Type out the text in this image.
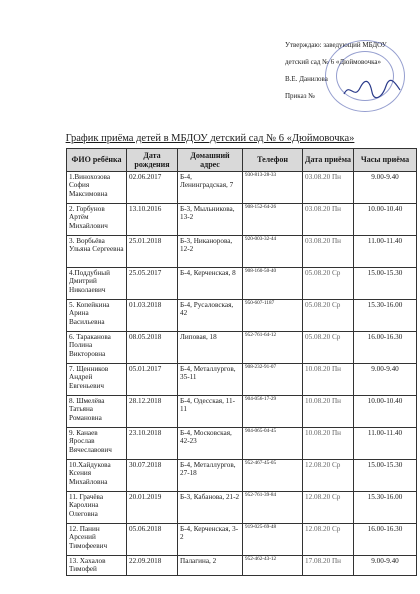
Утверждаю: заведующий МБДОУ
детский сад № 6 «Дюймовочка»
В.Е. Данилова
Приказ №
График приёма детей в МБДОУ детский сад № 6 «Дюймовочка»
ФИО ребёнка	Дата рождения	Домашний адрес	Телефон	Дата приёма	Часы приёма
1.Винохозова София Максимовна	02.06.2017	Б-4, Ленинградская, 7	930-813-28-33	03.08.20 Пн	9.00-9.40
2. Горбунов Артём Михайлович	13.10.2016	Б-3, Мыльникова, 13-2	908-152-64-26	03.08.20 Пн	10.00-10.40
3. Ворбьёва Ульяна Сергеевна	25.01.2018	Б-3, Никанорова, 12-2	920-003-32-44	03.08.20 Пн	11.00-11.40
4.Поддубный Дмитрий Николаевич	25.05.2017	Б-4, Керченская, 8	908-160-50-40	05.08.20 Ср	15.00-15.30
5. Копейкина Арина Васильевна	01.03.2018	Б-4, Русаловская, 42	950-607-1187	05.08.20 Ср	15.30-16.00
6. Тараканова Полина Викторовна	08.05.2018	Липовая, 18	952-761-64-12	05.08.20 Ср	16.00-16.30
7. Щенников Андрей Евгеньевич	05.01.2017	Б-4, Металлургов, 35-11	908-232-91-07	10.08.20 Пн	9.00-9.40
8. Шмелёва Татьяна Романовна	28.12.2018	Б-4, Одесская, 11-11	904-056-17-29	10.08.20 Пн	10.00-10.40
9. Канаев Ярослав Вячеславович	23.10.2018	Б-4, Московская, 42-23	904-065-04-45	10.08.20 Пн	11.00-11.40
10.Хайдукова Ксения Михайловна	30.07.2018	Б-4, Металлургов, 27-18	952-467-45-05	12.08.20 Ср	15.00-15.30
11. Грачёва Каролина Олеговна	20.01.2019	Б-3, Кабанова, 21-2	952-761-39-84	12.08.20 Ср	15.30-16.00
12. Панин Арсений Тимофеевич	05.06.2018	Б-4, Керченская, 3-2	919-025-69-48	12.08.20 Ср	16.00-16.30
13. Хахалов Тимофей	22.09.2018	Палагина, 2	952-462-43-12	17.08.20 Пн	9.00-9.40
